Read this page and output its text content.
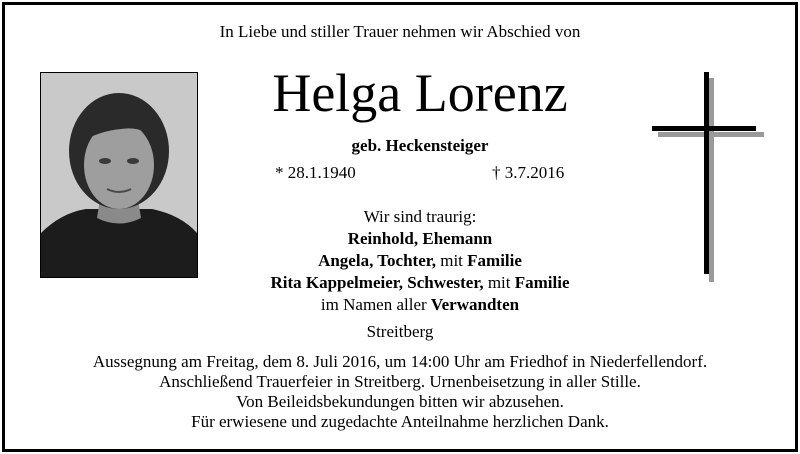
In Liebe und stiller Trauer nehmen wir Abschied von
Helga Lorenz
geb. Heckensteiger
* 28.1.1940	† 3.7.2016
Wir sind traurig:
Reinhold, Ehemann
Angela, Tochter, mit Familie
Rita Kappelmeier, Schwester, mit Familie
im Namen aller Verwandten
Streitberg
Aussegnung am Freitag, dem 8. Juli 2016, um 14:00 Uhr am Friedhof in Niederfellendorf.
Anschließend Trauerfeier in Streitberg. Urnenbeisetzung in aller Stille.
Von Beileidsbekundungen bitten wir abzusehen.
Für erwiesene und zugedachte Anteilnahme herzlichen Dank.
